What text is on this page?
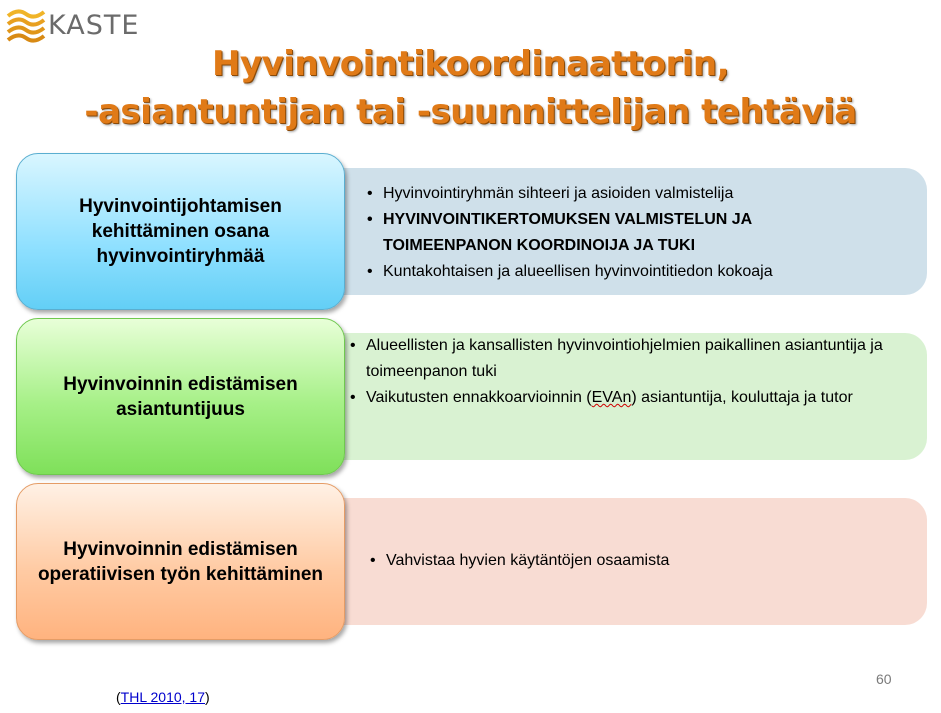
KASTE
Hyvinvointikoordinaattorin,
-asiantuntijan tai -suunnittelijan tehtäviä
Hyvinvointijohtamisen kehittäminen osana hyvinvointiryhmää
• Hyvinvointiryhmän sihteeri ja asioiden valmistelija
• HYVINVOINTIKERTOMUKSEN VALMISTELUN JA TOIMEENPANON KOORDINOIJA JA TUKI
• Kuntakohtaisen ja alueellisen hyvinvointitiedon kokoaja
Hyvinvoinnin edistämisen asiantuntijuus
• Alueellisten ja kansallisten hyvinvointiohjelmien paikallinen asiantuntija ja toimeenpanon tuki
• Vaikutusten ennakkoarvioinnin (EVAn) asiantuntija, kouluttaja ja tutor
Hyvinvoinnin edistämisen operatiivisen työn kehittäminen
• Vahvistaa hyvien käytäntöjen osaamista
60
(THL 2010, 17)
